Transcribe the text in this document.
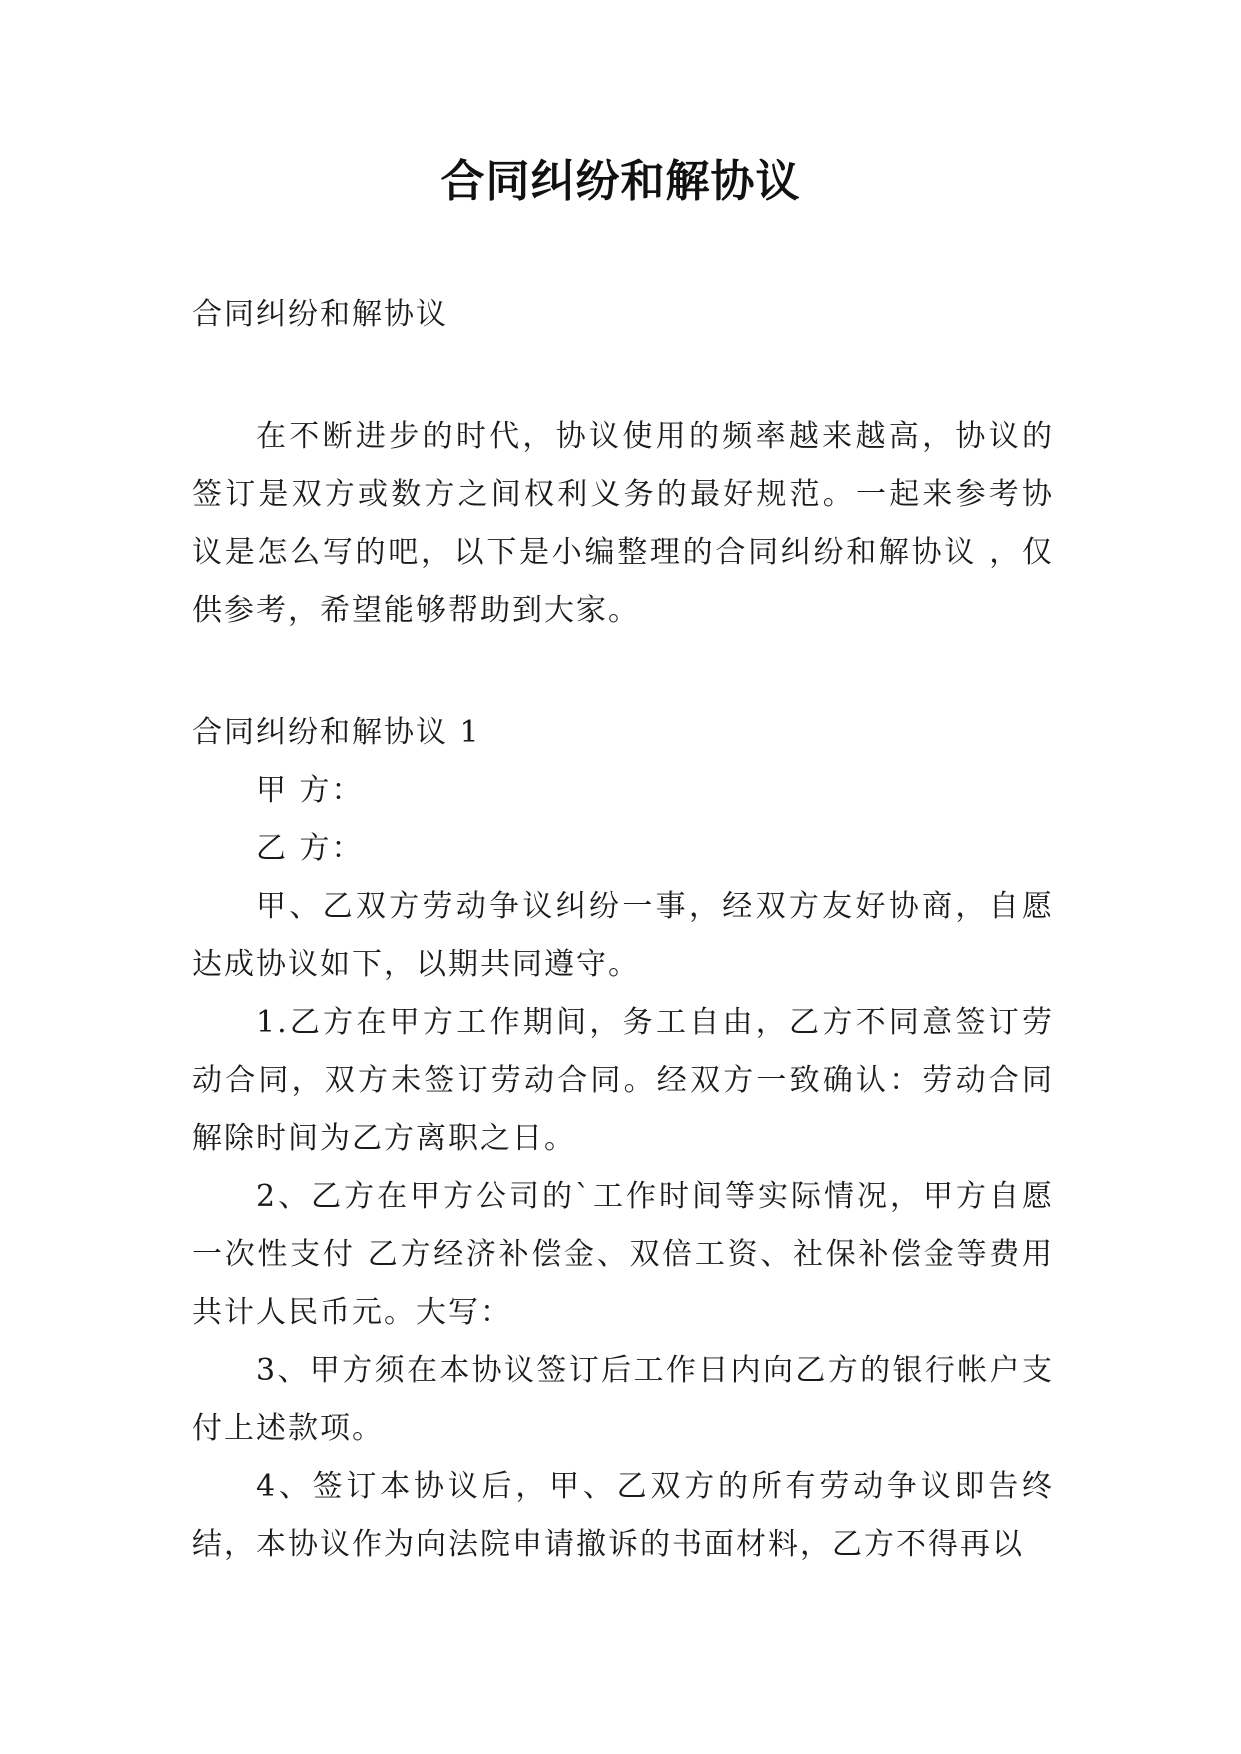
合同纠纷和解协议

合同纠纷和解协议

在不断进步的时代，协议使用的频率越来越高，协议的签订是双方或数方之间权利义务的最好规范。一起来参考协议是怎么写的吧，以下是小编整理的合同纠纷和解协议 ，仅供参考，希望能够帮助到大家。

合同纠纷和解协议 1

甲 方：

乙 方：

甲、乙双方劳动争议纠纷一事，经双方友好协商，自愿达成协议如下，以期共同遵守。

1.乙方在甲方工作期间，务工自由，乙方不同意签订劳动合同，双方未签订劳动合同。经双方一致确认：劳动合同解除时间为乙方离职之日。

2、乙方在甲方公司的`工作时间等实际情况，甲方自愿一次性支付 乙方经济补偿金、双倍工资、社保补偿金等费用共计人民币元。大写：

3、甲方须在本协议签订后工作日内向乙方的银行帐户支付上述款项。

4、签订本协议后，甲、乙双方的所有劳动争议即告终结，本协议作为向法院申请撤诉的书面材料，乙方不得再以
